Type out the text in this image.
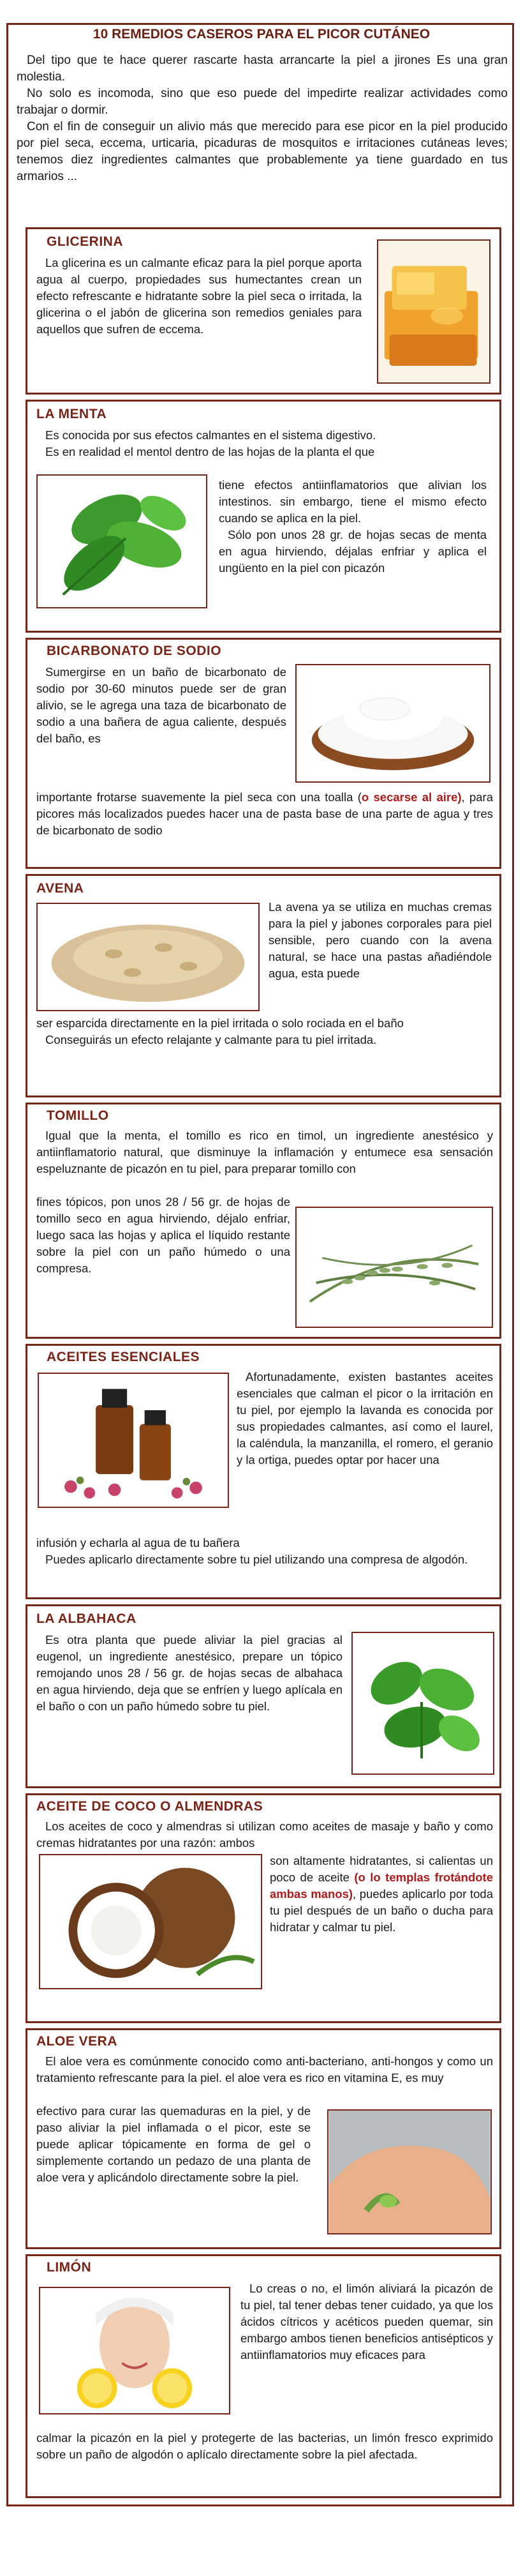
10 REMEDIOS CASEROS PARA EL PICOR CUTÁNEO

Del tipo que te hace querer rascarte hasta arrancarte la piel a jirones Es una gran molestia.

No solo es incomoda, sino que eso puede del impedirte realizar actividades como trabajar o dormir.

Con el fin de conseguir un alivio más que merecido para ese picor en la piel producido por piel seca, eccema, urticaria, picaduras de mosquitos e irritaciones cutáneas leves; tenemos diez ingredientes calmantes que probablemente ya tiene guardado en tus armarios ...

GLICERINA

La glicerina es un calmante eficaz para la piel porque aporta agua al cuerpo, propiedades sus humectantes crean un efecto refrescante e hidratante sobre la piel seca o irritada, la glicerina o el jabón de glicerina son remedios geniales para aquellos que sufren de eccema.

LA MENTA

Es conocida por sus efectos calmantes en el sistema digestivo.

Es en realidad el mentol dentro de las hojas de la planta el que

tiene efectos antiinflamatorios que alivian los intestinos. sin embargo, tiene el mismo efecto cuando se aplica en la piel.

Sólo pon unos 28 gr. de hojas secas de menta en agua hirviendo, déjalas enfriar y aplica el ungüento en la piel con picazón

BICARBONATO DE SODIO

Sumergirse en un baño de bicarbonato de sodio por 30-60 minutos puede ser de gran alivio, se le agrega una taza de bicarbonato de sodio a una bañera de agua caliente, después del baño, es

importante frotarse suavemente la piel seca con una toalla (o secarse al aire), para picores más localizados puedes hacer una de pasta base de una parte de agua y tres de bicarbonato de sodio

AVENA

La avena ya se utiliza en muchas cremas para la piel y jabones corporales para piel sensible, pero cuando con la avena natural, se hace una pastas añadiéndole agua, esta puede

ser esparcida directamente en la piel irritada o solo rociada en el baño

Conseguirás un efecto relajante y calmante para tu piel irritada.

TOMILLO

Igual que la menta, el tomillo es rico en timol, un ingrediente anestésico y antiinflamatorio natural, que disminuye la inflamación y entumece esa sensación espeluznante de picazón en tu piel, para preparar tomillo con

fines tópicos, pon unos 28 / 56 gr. de hojas de tomillo seco en agua hirviendo, déjalo enfriar, luego saca las hojas y aplica el líquido restante sobre la piel con un paño húmedo o una compresa.

ACEITES ESENCIALES

Afortunadamente, existen bastantes aceites esenciales que calman el picor o la irritación en tu piel, por ejemplo la lavanda es conocida por sus propiedades calmantes, así como el laurel, la caléndula, la manzanilla, el romero, el geranio y la ortiga, puedes optar por hacer una

infusión y echarla al agua de tu bañera

Puedes aplicarlo directamente sobre tu piel utilizando una compresa de algodón.

LA ALBAHACA

Es otra planta que puede aliviar la piel gracias al eugenol, un ingrediente anestésico, prepare un tópico remojando unos 28 / 56 gr. de hojas secas de albahaca en agua hirviendo, deja que se enfríen y luego aplícala en el baño o con un paño húmedo sobre tu piel.

ACEITE DE COCO O ALMENDRAS

Los aceites de coco y almendras si utilizan como aceites de masaje y baño y como cremas hidratantes por una razón: ambos

son altamente hidratantes, si calientas un poco de aceite (o lo templas frotándote ambas manos), puedes aplicarlo por toda tu piel después de un baño o ducha para hidratar y calmar tu piel.

ALOE VERA

El aloe vera es comúnmente conocido como anti-bacteriano, anti-hongos y como un tratamiento refrescante para la piel. el aloe vera es rico en vitamina E, es muy

efectivo para curar las quemaduras en la piel, y de paso aliviar la piel inflamada o el picor, este se puede aplicar tópicamente en forma de gel o simplemente cortando un pedazo de una planta de aloe vera y aplicándolo directamente sobre la piel.

LIMÓN

Lo creas o no, el limón aliviará la picazón de tu piel, tal tener debas tener cuidado, ya que los ácidos cítricos y acéticos pueden quemar, sin embargo ambos tienen beneficios antisépticos y antiinflamatorios muy eficaces para

calmar la picazón en la piel y protegerte de las bacterias, un limón fresco exprimido sobre un paño de algodón o aplícalo directamente sobre la piel afectada.
